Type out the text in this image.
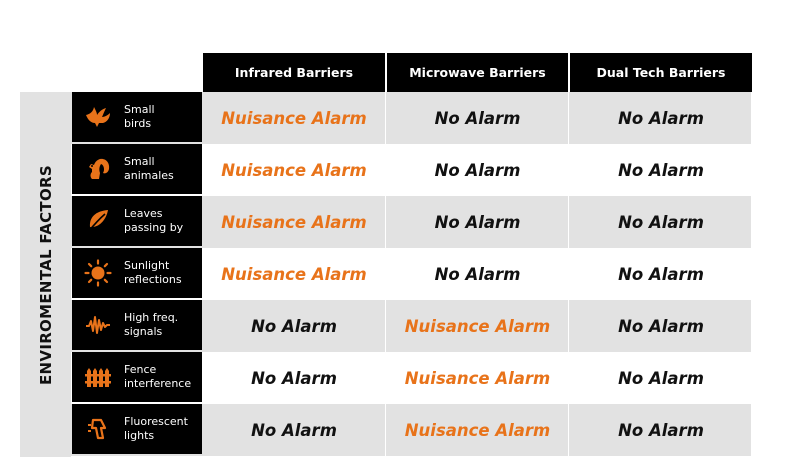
ENVIROMENTAL FACTORS
Infrared Barriers	Microwave Barriers	Dual Tech Barriers
Small
birds	Nuisance Alarm	No Alarm	No Alarm
Small
animales	Nuisance Alarm	No Alarm	No Alarm
Leaves
passing by	Nuisance Alarm	No Alarm	No Alarm
Sunlight
reflections	Nuisance Alarm	No Alarm	No Alarm
High freq.
signals	No Alarm	Nuisance Alarm	No Alarm
Fence
interference	No Alarm	Nuisance Alarm	No Alarm
Fluorescent
lights	No Alarm	Nuisance Alarm	No Alarm
